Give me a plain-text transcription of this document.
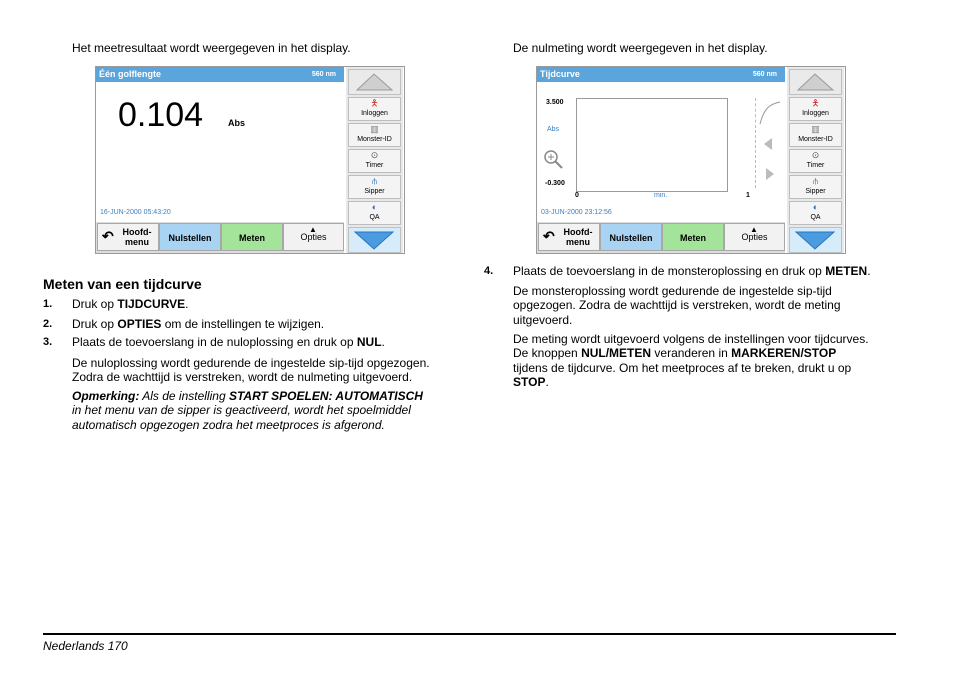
Het meetresultaat wordt weergegeven in het display.
Één golflengte	560 nm
0.104	Abs
16-JUN-2000 05:43:20
🯅
Inloggen
▥
Monster-ID
⊙
Timer
⫛
Sipper
◐
QA
↶ Hoofd-
menu	Nulstellen	Meten
▲
Opties
Meten van een tijdcurve
1. Druk op TIJDCURVE.
2. Druk op OPTIES om de instellingen te wijzigen.
3. Plaats de toevoerslang in de nuloplossing en druk op NUL.
De nuloplossing wordt gedurende de ingestelde sip-tijd opgezogen.
Zodra de wachttijd is verstreken, wordt de nulmeting uitgevoerd.
Opmerking: Als de instelling START SPOELEN: AUTOMATISCH
in het menu van de sipper is geactiveerd, wordt het spoelmiddel
automatisch opgezogen zodra het meetproces is afgerond.
De nulmeting wordt weergegeven in het display.
Tijdcurve	560 nm
3.500
Abs
-0.300
0	min.	1
03-JUN-2000 23:12:56
🯅
Inloggen
▥
Monster-ID
⊙
Timer
⫛
Sipper
◐
QA
↶ Hoofd-
menu	Nulstellen	Meten
▲
Opties
4. Plaats de toevoerslang in de monsteroplossing en druk op METEN.
De monsteroplossing wordt gedurende de ingestelde sip-tijd
opgezogen. Zodra de wachttijd is verstreken, wordt de meting
uitgevoerd.
De meting wordt uitgevoerd volgens de instellingen voor tijdcurves.
De knoppen NUL/METEN veranderen in MARKEREN/STOP
tijdens de tijdcurve. Om het meetproces af te breken, drukt u op
STOP.
Nederlands 170
